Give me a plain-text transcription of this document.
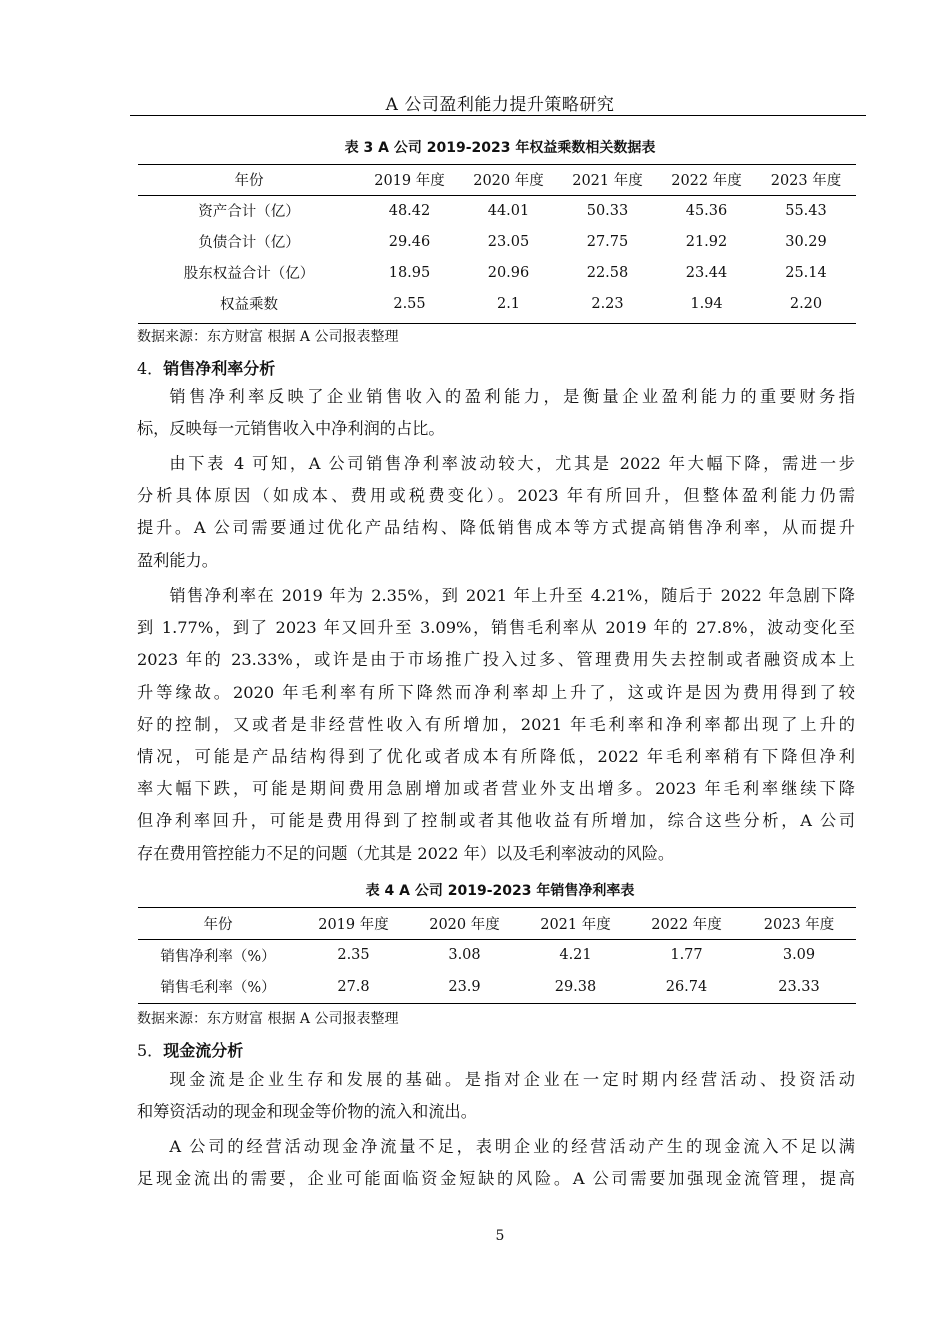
A 公司盈利能力提升策略研究
表 3 A 公司 2019-2023 年权益乘数相关数据表
年份	2019 年度	2020 年度	2021 年度	2022 年度	2023 年度
资产合计（亿）	48.42	44.01	50.33	45.36	55.43
负债合计（亿）	29.46	23.05	27.75	21.92	30.29
股东权益合计（亿）	18.95	20.96	22.58	23.44	25.14
权益乘数	2.55	2.1	2.23	1.94	2.20
数据来源：东方财富 根据 A 公司报表整理
4．销售净利率分析
销售净利率反映了企业销售收入的盈利能力，是衡量企业盈利能力的重要财务指
标，反映每一元销售收入中净利润的占比。
由下表 4 可知，A 公司销售净利率波动较大，尤其是 2022 年大幅下降，需进一步
分析具体原因（如成本、费用或税费变化）。2023 年有所回升，但整体盈利能力仍需
提升。A 公司需要通过优化产品结构、降低销售成本等方式提高销售净利率，从而提升
盈利能力。
销售净利率在 2019 年为 2.35%，到 2021 年上升至 4.21%，随后于 2022 年急剧下降
到 1.77%，到了 2023 年又回升至 3.09%，销售毛利率从 2019 年的 27.8%，波动变化至
2023 年的 23.33%，或许是由于市场推广投入过多、管理费用失去控制或者融资成本上
升等缘故。2020 年毛利率有所下降然而净利率却上升了，这或许是因为费用得到了较
好的控制，又或者是非经营性收入有所增加，2021 年毛利率和净利率都出现了上升的
情况，可能是产品结构得到了优化或者成本有所降低，2022 年毛利率稍有下降但净利
率大幅下跌，可能是期间费用急剧增加或者营业外支出增多。2023 年毛利率继续下降
但净利率回升，可能是费用得到了控制或者其他收益有所增加，综合这些分析，A 公司
存在费用管控能力不足的问题（尤其是 2022 年）以及毛利率波动的风险。
表 4 A 公司 2019-2023 年销售净利率表
年份	2019 年度	2020 年度	2021 年度	2022 年度	2023 年度
销售净利率（%）	2.35	3.08	4.21	1.77	3.09
销售毛利率（%）	27.8	23.9	29.38	26.74	23.33
数据来源：东方财富 根据 A 公司报表整理
5．现金流分析
现金流是企业生存和发展的基础。是指对企业在一定时期内经营活动、投资活动
和筹资活动的现金和现金等价物的流入和流出。
A 公司的经营活动现金净流量不足，表明企业的经营活动产生的现金流入不足以满
足现金流出的需要，企业可能面临资金短缺的风险。A 公司需要加强现金流管理，提高
5
